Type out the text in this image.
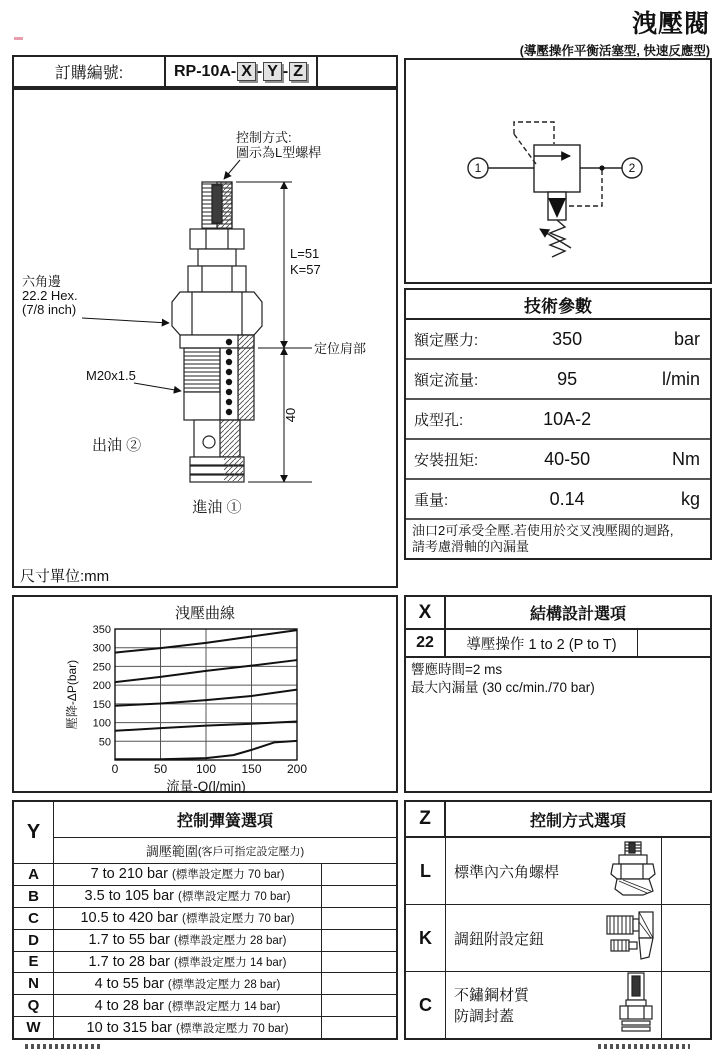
洩壓閥
(導壓操作平衡活塞型, 快速反應型)
訂購編號:	RP-10A- X - Y - Z
控制方式:
圖示為L型螺桿
六角邊
22.2 Hex.
(7/8 inch)
M20x1.5
出油 ②
進油 ①
尺寸單位:mm
L=51
K=57
40
定位肩部
1	2
技術參數
額定壓力:	350	bar
額定流量:	95	l/min
成型孔:	10A-2
安裝扭矩:	40-50	Nm
重量:	0.14	kg
油口2可承受全壓.若使用於交叉洩壓閥的迴路,
請考慮滑軸的內漏量
洩壓曲線
50
100
150
200
250
300
350
0	50 100 150 200
流量-Q(l/min)
壓降-ΔP(bar)
X	結構設計選項
22	導壓操作 1 to 2 (P to T)
響應時間=2 ms
最大內漏量 (30 cc/min./70 bar)
Y	控制彈簧選項
調壓範圍 (客戶可指定設定壓力)
A	7 to 210 bar (標準設定壓力 70 bar)
B	3.5 to 105 bar (標準設定壓力 70 bar)
C	10.5 to 420 bar (標準設定壓力 70 bar)
D	1.7 to 55 bar (標準設定壓力 28 bar)
E	1.7 to 28 bar (標準設定壓力 14 bar)
N	4 to 55 bar (標準設定壓力 28 bar)
Q	4 to 28 bar (標準設定壓力 14 bar)
W	10 to 315 bar (標準設定壓力 70 bar)
Z	控制方式選項
L	標準內六角螺桿
K	調鈕附設定鈕
C	不鏽鋼材質
防調封蓋
